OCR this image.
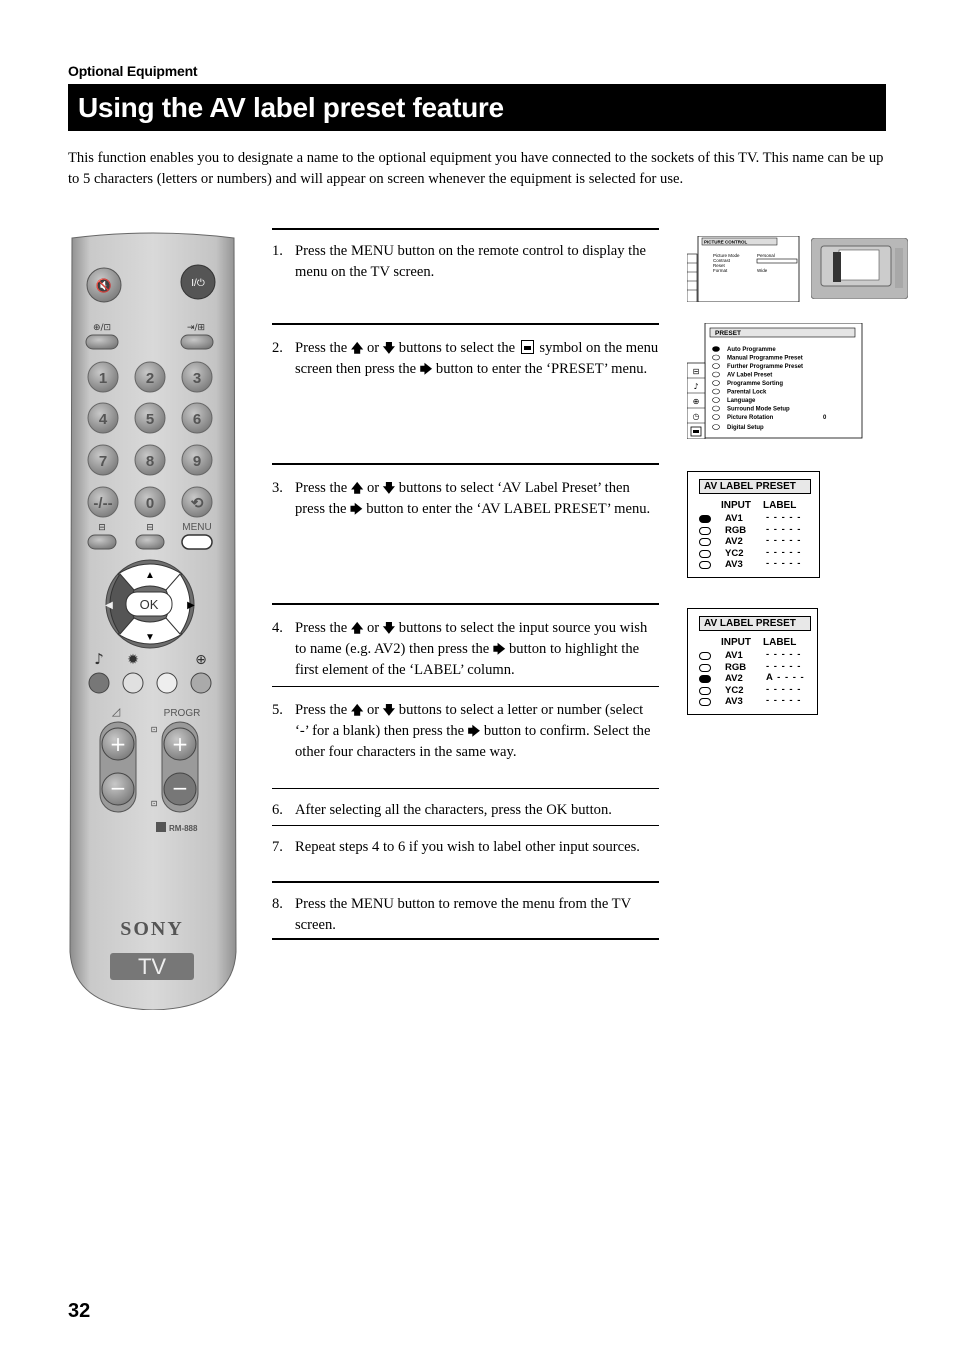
Optional Equipment
Using the AV label preset feature
This function enables you to designate a name to the optional equipment you have connected to the sockets of this TV. This name can be up to 5 characters (letters or numbers) and will appear on screen whenever the equipment is selected for use.
🔇	I/⏻
⊕/⊡	⇥/⊞
1	2	3
4	5	6
7	8	9
-/-- 0 ⟲
⊟	⊟	MENU
▲
▼
▶
◀ OK
♪ ✹	⊕
◿	PROGR
+
−
+
−
⊡
⊡
RM-888
SONY
TV
1. Press the MENU button on the remote control to display the menu on the TV screen.
2. Press the 🡅 or 🡇 buttons to select the symbol on the menu screen then press the 🡆 button to enter the ‘PRESET’ menu.
3. Press the 🡅 or 🡇 buttons to select ‘AV Label Preset’ then press the 🡆 button to enter the ‘AV LABEL PRESET’ menu.
4. Press the 🡅 or 🡇 buttons to select the input source you wish to name (e.g. AV2) then press the 🡆 button to highlight the first element of the ‘LABEL’ column.
5. Press the 🡅 or 🡇 buttons to select a letter or number (select ‘-’ for a blank) then press the 🡆 button to confirm. Select the other four characters in the same way.
6. After selecting all the characters, press the OK button.
7. Repeat steps 4 to 6 if you wish to label other input sources.
8. Press the MENU button to remove the menu from the TV screen.
PICTURE CONTROL
Picture Mode
Contrast
Reset
Format
Personal
Wide
PRESET
Auto Programme
Manual Programme Preset
Further Programme Preset
AV Label Preset
Programme Sorting
Parental Lock
Language
Surround Mode Setup
Picture Rotation	0
Digital Setup
⊟
♪
⊕
◷
AV LABEL PRESET
INPUT LABEL
AV1 - - - - -
RGB - - - - -
AV2 - - - - -
YC2 - - - - -
AV3 - - - - -
AV LABEL PRESET
INPUT LABEL
AV1 - - - - -
RGB - - - - -
AV2 A - - - -
YC2 - - - - -
AV3 - - - - -
32
